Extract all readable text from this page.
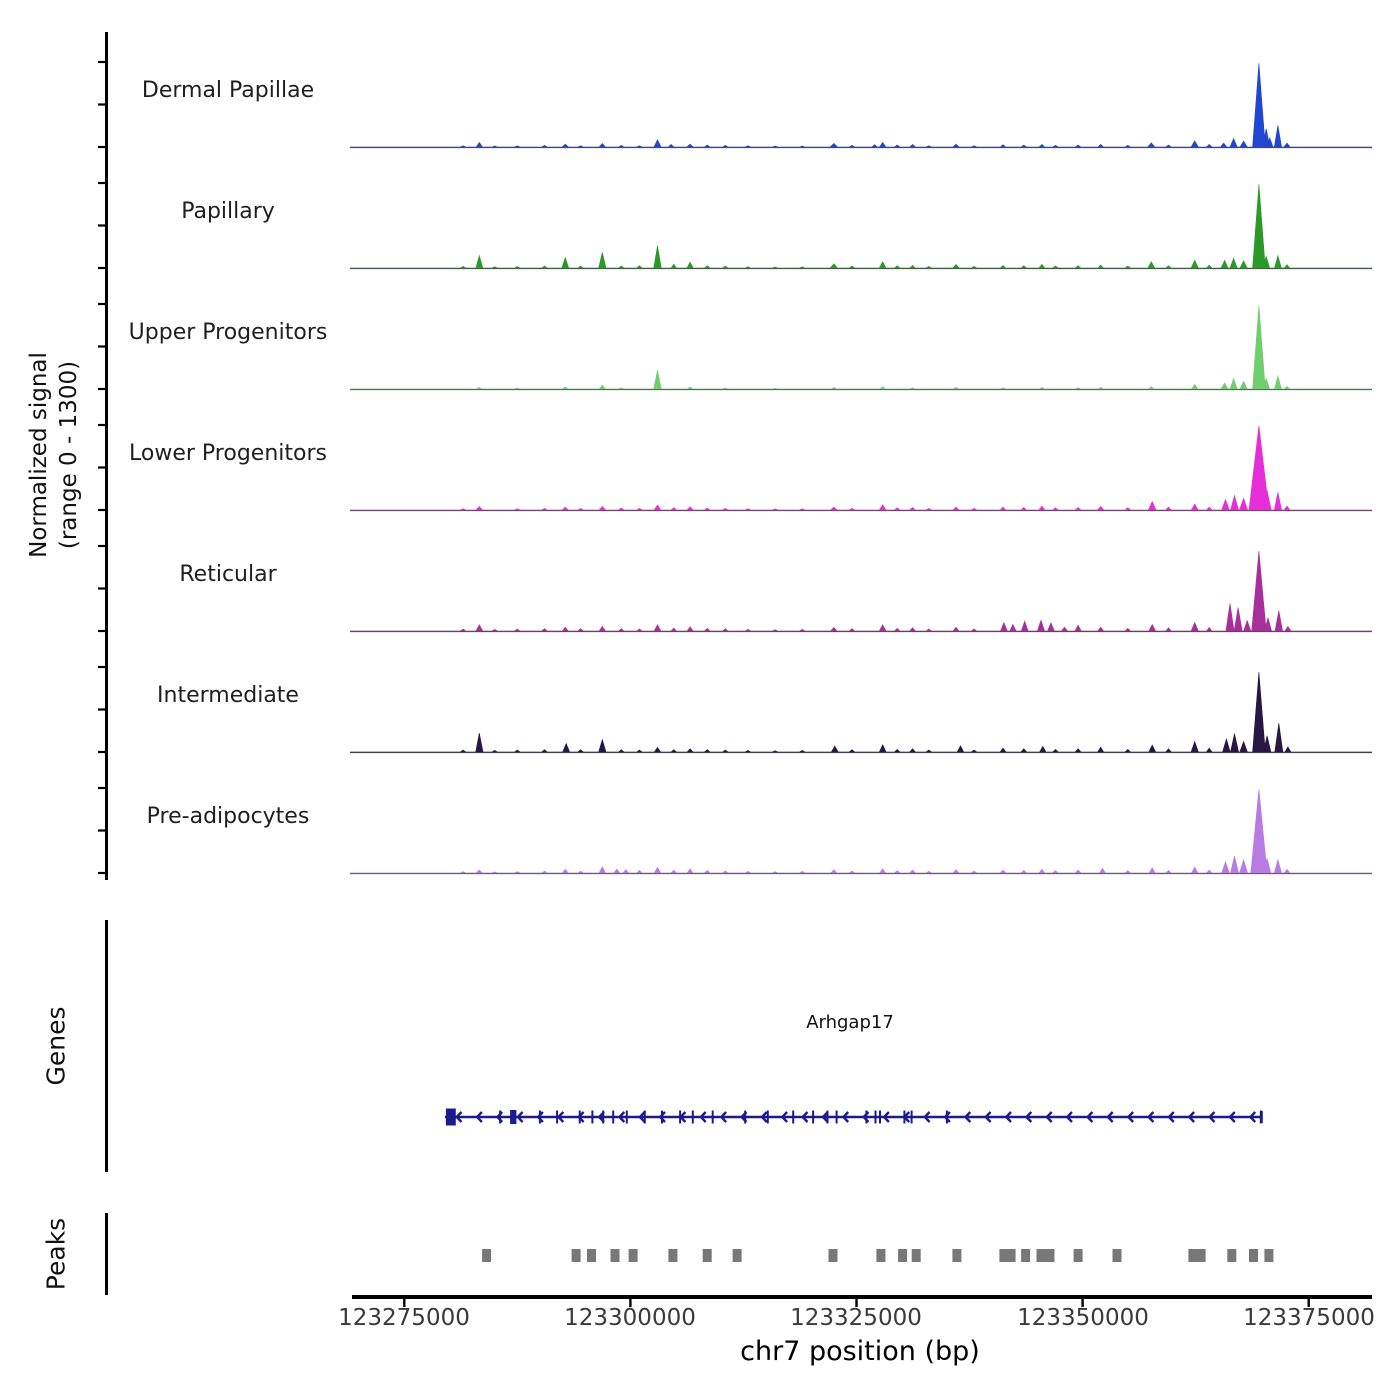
Normalized signal (range 0 - 1300)
Dermal Papillae
Papillary
Upper Progenitors
Lower Progenitors
Reticular
Intermediate
Pre-adipocytes
Genes
Peaks
Arhgap17
chr7 position (bp)
123275000	123300000	123325000	123350000	123375000
